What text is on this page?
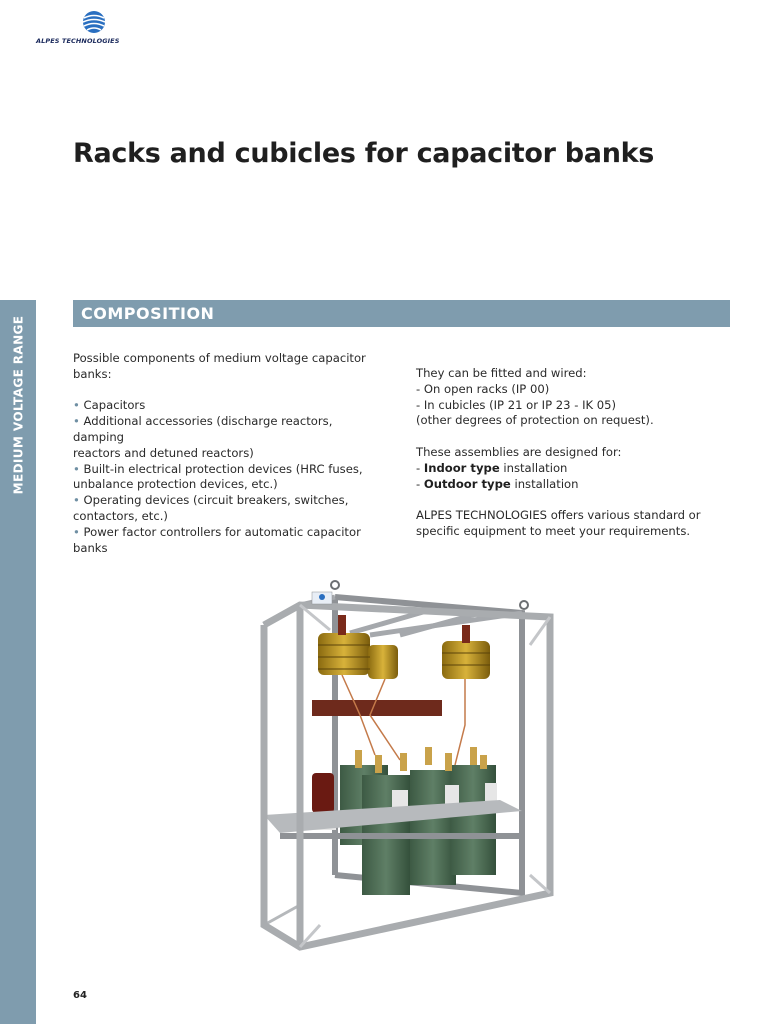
ALPES TECHNOLOGIES
Racks and cubicles for capacitor banks
MEDIUM VOLTAGE RANGE
COMPOSITION

Possible components of medium voltage capacitor

banks:

• Capacitors

• Additional accessories (discharge reactors, damping

reactors and detuned reactors)

• Built-in electrical protection devices (HRC fuses,

unbalance protection devices, etc.)

• Operating devices (circuit breakers, switches,

contactors, etc.)

• Power factor controllers for automatic capacitor

banks

They can be fitted and wired:

- On open racks (IP 00)

- In cubicles (IP 21 or IP 23 - IK 05)

(other degrees of protection on request).

These assemblies are designed for:

- Indoor type installation

- Outdoor type installation

ALPES TECHNOLOGIES offers various standard or

specific equipment to meet your requirements.

64
